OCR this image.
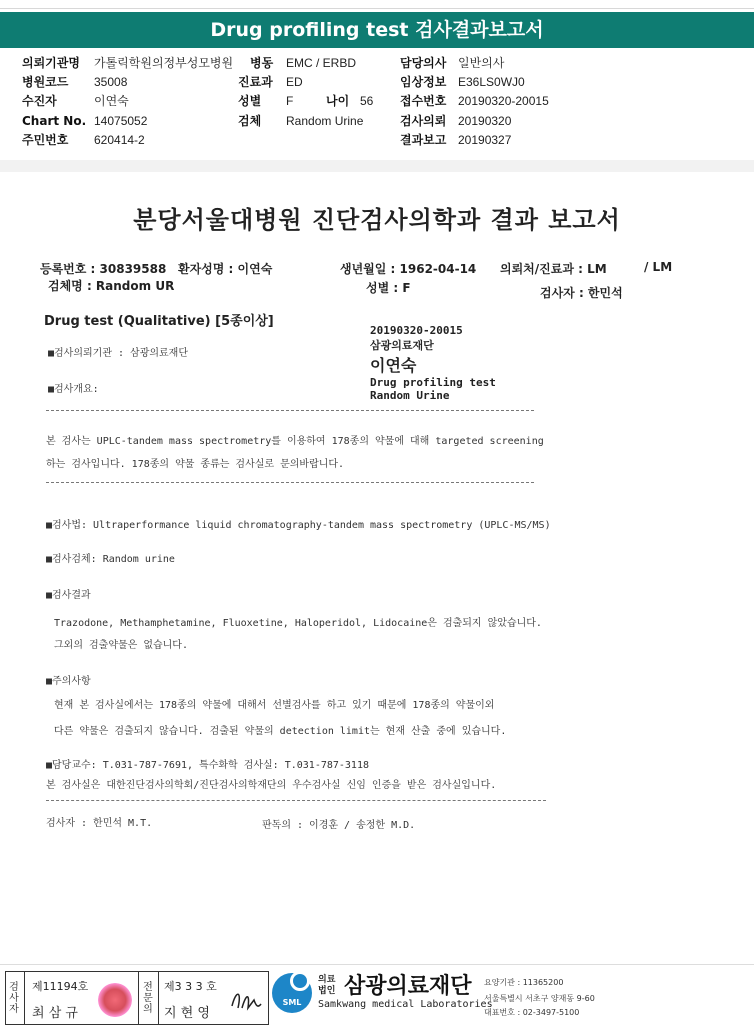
Drug profiling test 검사결과보고서
의뢰기관명 가톨릭학원의정부성모병원 병동 EMC / ERBD	담당의사 일반의사
병원코드 35008	진료과 ED	임상정보 E36LS0WJ0
수진자	이연숙	성별 F	나이 56 접수번호 20190320-20015
Chart No. 14075052	검체 Random Urine	검사의뢰 20190320
주민번호 620414-2	결과보고 20190327
분당서울대병원 진단검사의학과 결과 보고서
등록번호 : 30839588 환자성명 : 이연숙	생년월일 : 1962-04-14 의뢰처/진료과 : LM	/ LM
검체명 : Random UR	성별 : F	검사자 : 한민석
Drug test (Qualitative) [5종이상]
20190320-20015
삼광의료재단
이연숙
Drug profiling test
Random Urine
■검사의뢰기관 : 삼광의료재단
■검사개요:
본 검사는 UPLC-tandem mass spectrometry를 이용하여 178종의 약물에 대해 targeted screening
하는 검사입니다. 178종의 약물 종류는 검사실로 문의바랍니다.
■검사법: Ultraperformance liquid chromatography-tandem mass spectrometry (UPLC-MS/MS)
■검사검체: Random urine
■검사결과
Trazodone, Methamphetamine, Fluoxetine, Haloperidol, Lidocaine은 검출되지 않았습니다.
그외의 검출약물은 없습니다.
■주의사항
현재 본 검사실에서는 178종의 약물에 대해서 선별검사를 하고 있기 때문에 178종의 약물이외
다른 약물은 검출되지 않습니다. 검출된 약물의 detection limit는 현재 산출 중에 있습니다.
■담당교수: T.031-787-7691, 특수화학 검사실: T.031-787-3118
본 검사실은 대한진단검사의학회/진단검사의학재단의 우수검사실 신임 인증을 받은 검사실입니다.
검사자 : 한민석 M.T.	판독의 : 이경훈 / 송정한 M.D.
검사자
제11194호
최 삼 규
전문의
제3 3 3 호
지 현 영
SML
의료법인 삼광의료재단
Samkwang medical Laboratories
요양기관 : 11365200
서울특별시 서초구 양재동 9-60
대표번호 : 02-3497-5100
